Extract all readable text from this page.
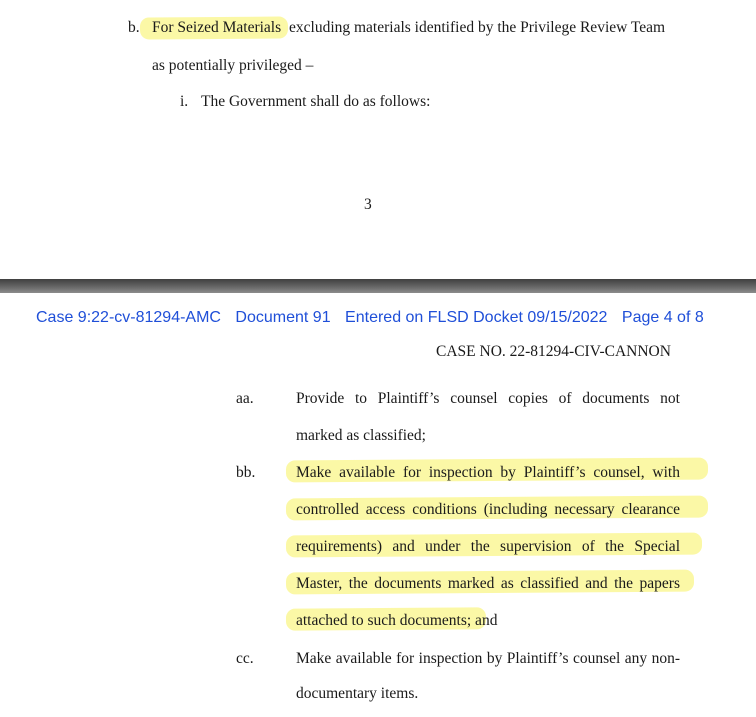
b. For Seized Materials excluding materials identified by the Privilege Review Team
as potentially privileged –
i. The Government shall do as follows:
3
Case 9:22-cv-81294-AMC Document 91 Entered on FLSD Docket 09/15/2022 Page 4 of 8
CASE NO. 22-81294-CIV-CANNON
aa.	Provide to Plaintiff’s counsel copies of documents not
marked as classified;
bb.	Make available for inspection by Plaintiff’s counsel, with
controlled access conditions (including necessary clearance
requirements) and under the supervision of the Special
Master, the documents marked as classified and the papers
attached to such documents; and
cc.	Make available for inspection by Plaintiff’s counsel any non-
documentary items.
